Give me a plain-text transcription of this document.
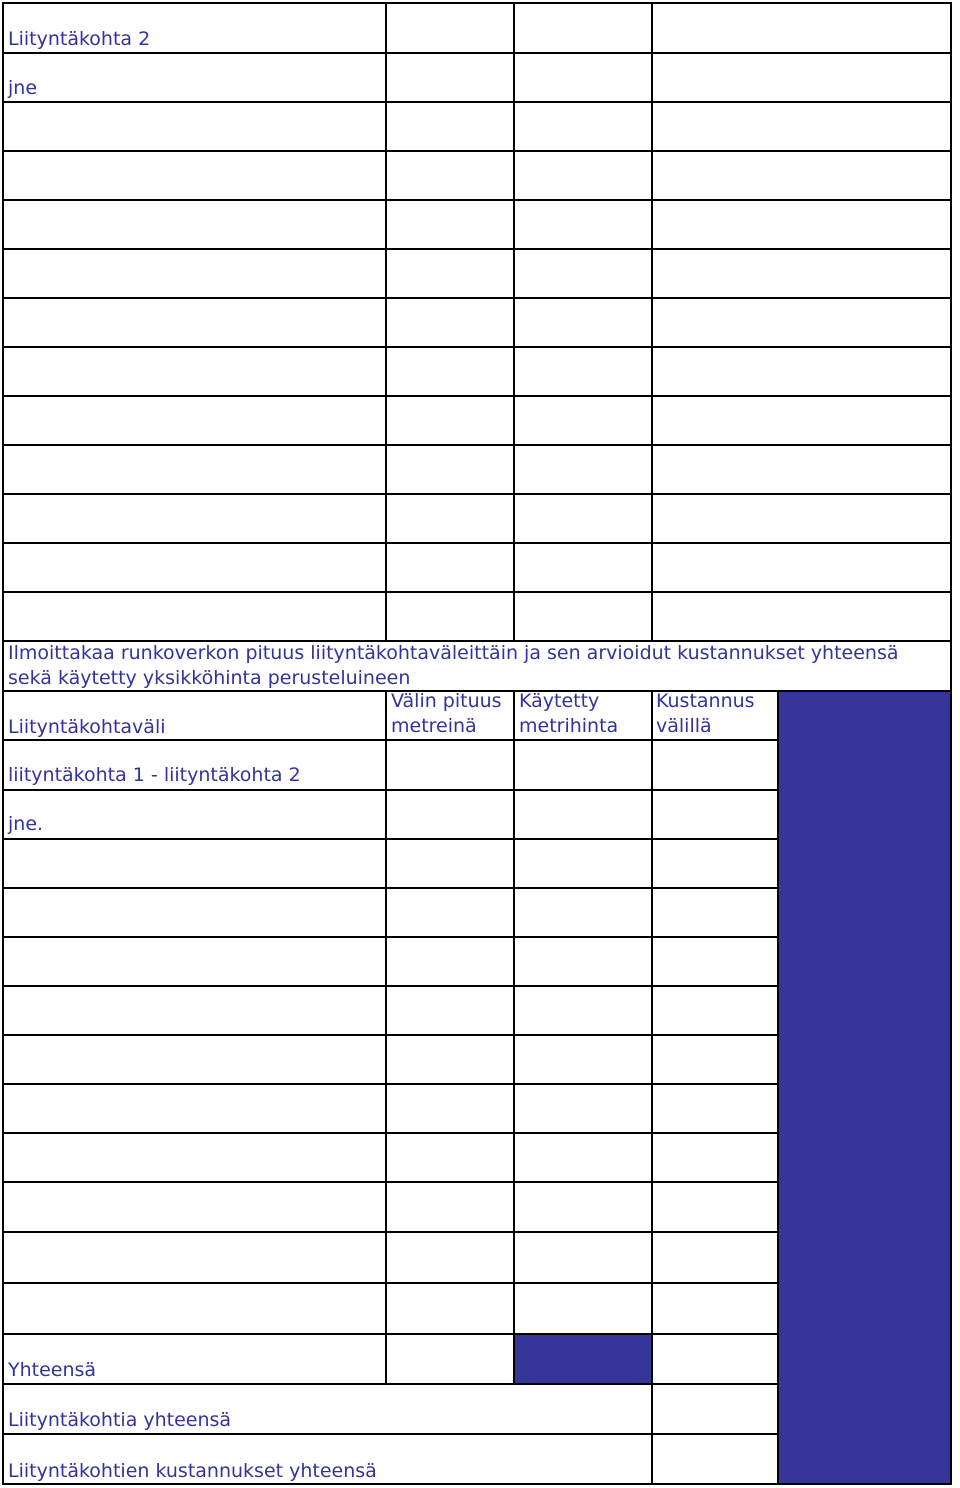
Liityntäkohta 2
jne
Ilmoittakaa runkoverkon pituus liityntäkohtaväleittäin ja sen arvioidut kustannukset yhteensä
sekä käytetty yksikköhinta perusteluineen
Liityntäkohtaväli
Välin pituus
metreinä
Käytetty
metrihinta
Kustannus
välillä
liityntäkohta 1 - liityntäkohta 2
jne.
Yhteensä
Liityntäkohtia yhteensä
Liityntäkohtien kustannukset yhteensä
